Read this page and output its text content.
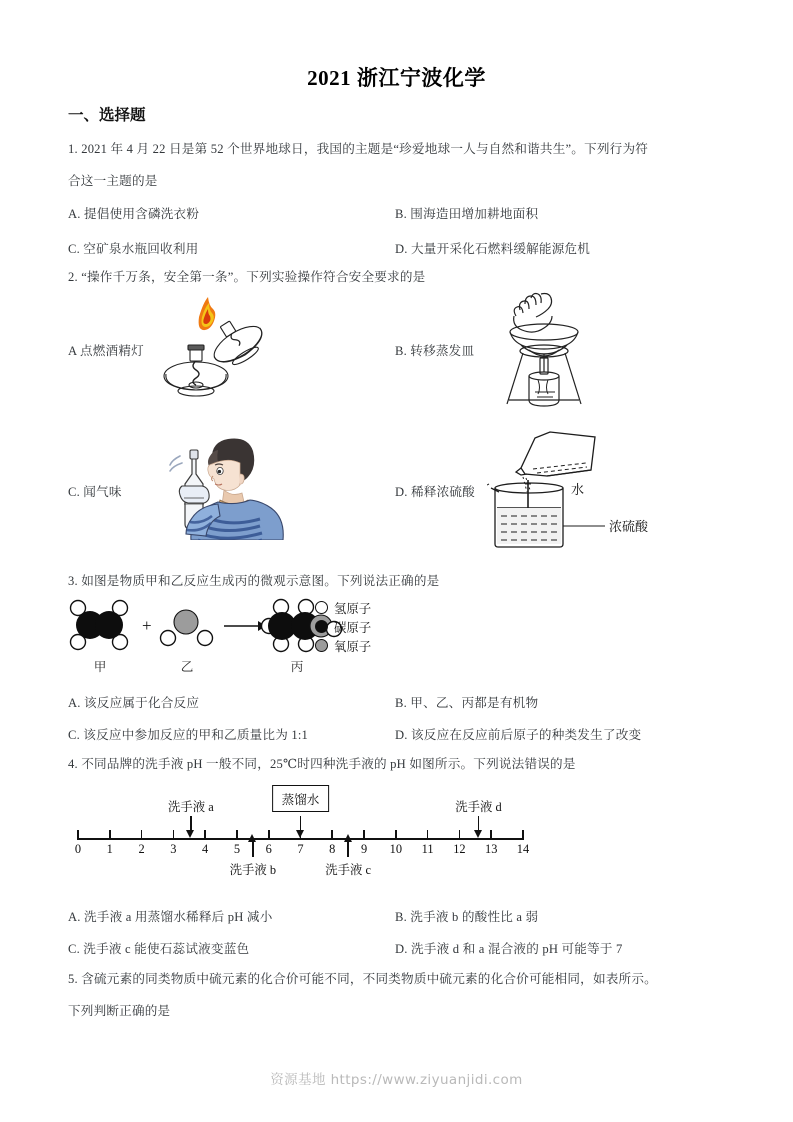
2021 浙江宁波化学
一、选择题
1. 2021 年 4 月 22 日是第 52 个世界地球日，我国的主题是“珍爱地球一人与自然和谐共生”。下列行为符
合这一主题的是
A. 提倡使用含磷洗衣粉	B. 围海造田增加耕地面积
C. 空矿泉水瓶回收利用	D. 大量开采化石燃料缓解能源危机
2. “操作千万条，安全第一条”。下列实验操作符合安全要求的是
A 点燃酒精灯	B. 转移蒸发皿
C. 闻气味	D. 稀释浓硫酸	水
浓硫酸
3. 如图是物质甲和乙反应生成丙的微观示意图。下列说法正确的是
+
甲	乙	丙
氢原子
碳原子
氧原子
A. 该反应属于化合反应	B. 甲、乙、丙都是有机物
C. 该反应中参加反应的甲和乙质量比为 1:1	D. 该反应在反应前后原子的种类发生了改变
4. 不同品牌的洗手液 pH 一般不同，25℃时四种洗手液的 pH 如图所示。下列说法错误的是
0 1 2 3 4 5 6 7 8 9 10 11 12 13 14
洗手液 a	蒸馏水	洗手液 d
洗手液 b	洗手液 c
A. 洗手液 a 用蒸馏水稀释后 pH 减小	B. 洗手液 b 的酸性比 a 弱
C. 洗手液 c 能使石蕊试液变蓝色	D. 洗手液 d 和 a 混合液的 pH 可能等于 7
5. 含硫元素的同类物质中硫元素的化合价可能不同，不同类物质中硫元素的化合价可能相同，如表所示。
下列判断正确的是
资源基地 https://www.ziyuanjidi.com
